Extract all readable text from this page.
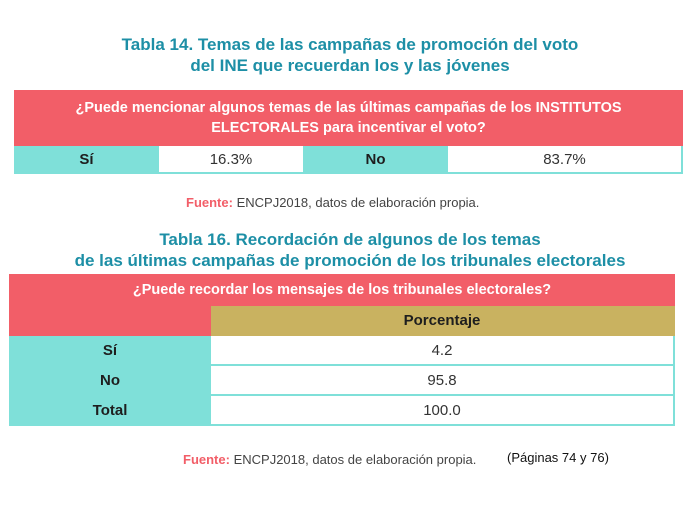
Tabla 14. Temas de las campañas de promoción del voto
del INE que recuerdan los y las jóvenes
¿Puede mencionar algunos temas de las últimas campañas de los INSTITUTOS
ELECTORALES para incentivar el voto?

Sí	16.3%	No	83.7%
Fuente: ENCPJ2018, datos de elaboración propia.
Tabla 16. Recordación de algunos de los temas
de las últimas campañas de promoción de los tribunales electorales
¿Puede recordar los mensajes de los tribunales electorales?	
	Porcentaje
Sí	4.2
No	95.8
Total	100.0
Fuente: ENCPJ2018, datos de elaboración propia. (Páginas 74 y 76)
